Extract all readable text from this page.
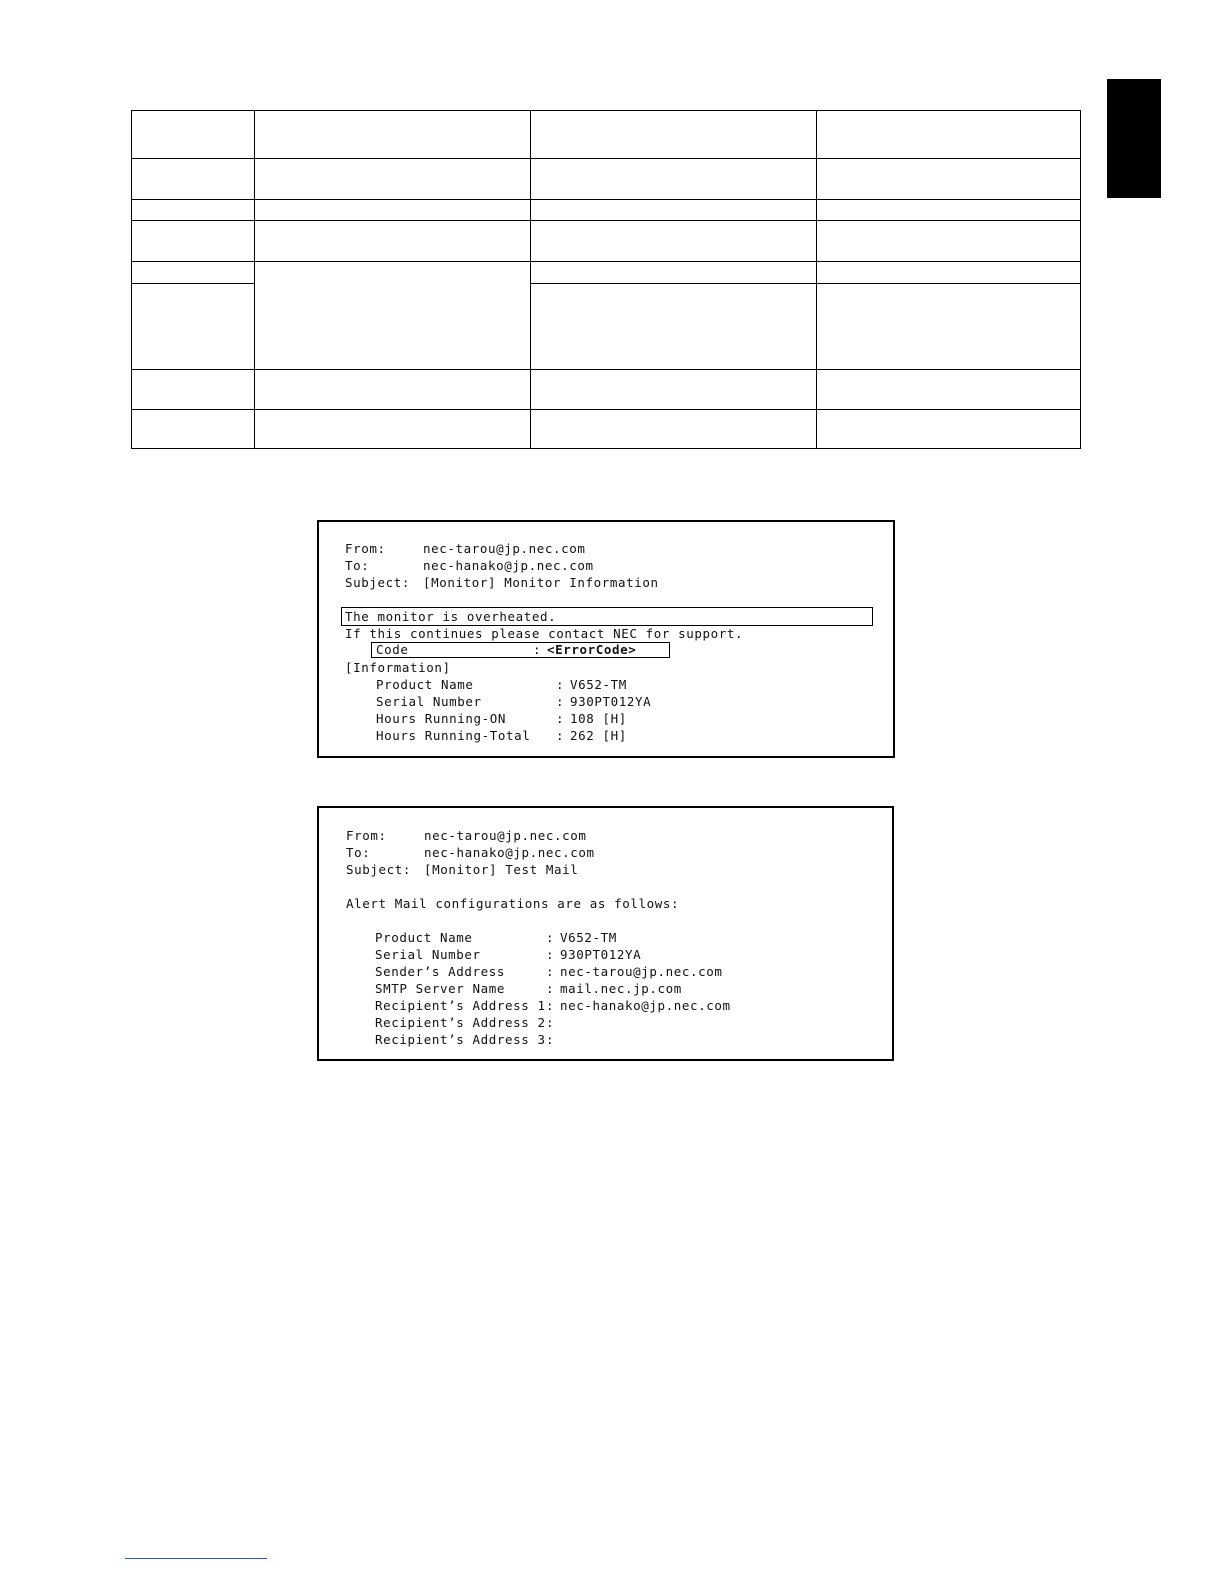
From:	nec-tarou@jp.nec.com
To:	nec-hanako@jp.nec.com
Subject: [Monitor] Monitor Information
The monitor is overheated.
If this continues please contact NEC for support.
Code	: <ErrorCode>
[Information]
Product Name	: V652-TM
Serial Number	: 930PT012YA
Hours Running-ON	: 108 [H]
Hours Running-Total : 262 [H]
From:	nec-tarou@jp.nec.com
To:	nec-hanako@jp.nec.com
Subject: [Monitor] Test Mail
Alert Mail configurations are as follows:
Product Name	: V652-TM
Serial Number	: 930PT012YA
Sender’s Address	: nec-tarou@jp.nec.com
SMTP Server Name	: mail.nec.jp.com
Recipient’s Address 1 : nec-hanako@jp.nec.com
Recipient’s Address 2 :
Recipient’s Address 3 :
